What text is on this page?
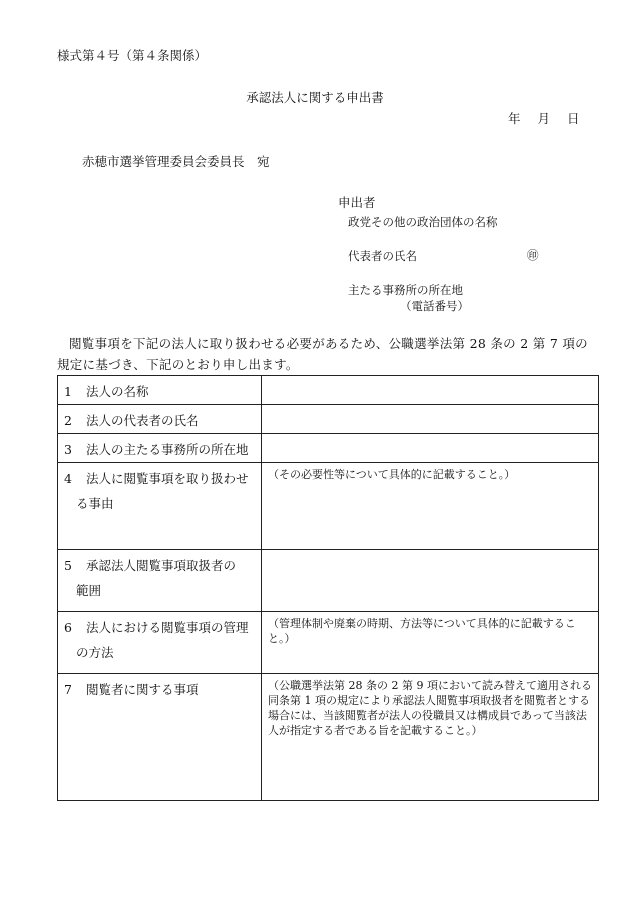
様式第４号（第４条関係）
承認法人に関する申出書
年 月 日
赤穂市選挙管理委員会委員長　宛
申出者
政党その他の政治団体の名称
代表者の氏名	㊞
主たる事務所の所在地
（電話番号）
閲覧事項を下記の法人に取り扱わせる必要があるため、公職選挙法第 28 条の 2 第 7 項の規定に基づき、下記のとおり申し出ます。
1 法人の名称	
2 法人の代表者の氏名	
3 法人の主たる事務所の所在地	
4 法人に閲覧事項を取り扱わせ
る事由	（その必要性等について具体的に記載すること。）
5 承認法人閲覧事項取扱者の
範囲	

6 法人における閲覧事項の管理
の方法	（管理体制や廃棄の時期、方法等について具体的に記載すること。）
7 閲覧者に関する事項	（公職選挙法第 28 条の 2 第 9 項において読み替えて適用される同条第 1 項の規定により承認法人閲覧事項取扱者を閲覧者とする場合には、当該閲覧者が法人の役職員又は構成員であって当該法人が指定する者である旨を記載すること。）
